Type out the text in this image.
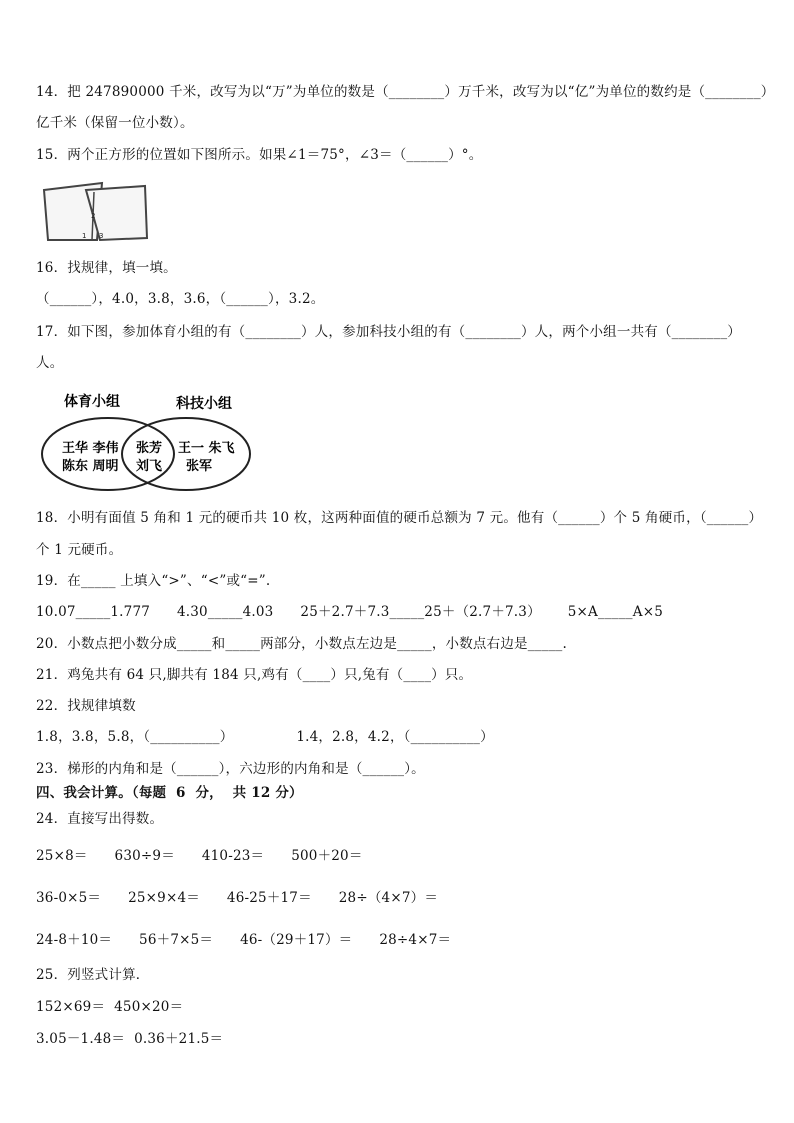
14．把 247890000 千米，改写为以“万”为单位的数是（________）万千米，改写为以“亿”为单位的数约是（________）
亿千米（保留一位小数）。
15．两个正方形的位置如下图所示。如果∠1＝75°，∠3＝（______）°。
1
2
3
16．找规律，填一填。
（______），4.0，3.8，3.6，（______），3.2。
17．如下图，参加体育小组的有（________）人，参加科技小组的有（________）人，两个小组一共有（________）
人。
体育小组	科技小组
王华 李伟
陈东 周明
张芳
刘飞
王一 朱飞
张军
18．小明有面值 5 角和 1 元的硬币共 10 枚，这两种面值的硬币总额为 7 元。他有（______）个 5 角硬币，（______）
个 1 元硬币。
19．在_____ 上填入“>”、“<”或“=”.
10.07_____1.777      4.30_____4.03      25＋2.7＋7.3_____25＋（2.7＋7.3）      5×A_____A×5
20．小数点把小数分成_____和_____两部分，小数点左边是_____，小数点右边是_____.
21．鸡兔共有 64 只,脚共有 184 只,鸡有（____）只,兔有（____）只。
22．找规律填数
1.8，3.8，5.8，（__________）              1.4，2.8，4.2，（__________）
23．梯形的内角和是（______），六边形的内角和是（______）。
四、我会计算。（每题  6  分，  共 12 分）
24．直接写出得数。
25×8＝      630÷9＝      410-23＝      500＋20＝
36-0×5＝      25×9×4＝      46-25＋17＝      28÷（4×7）＝
24-8＋10＝      56＋7×5＝      46-（29＋17）＝      28÷4×7＝
25．列竖式计算．
152×69＝  450×20＝
3.05－1.48＝  0.36＋21.5＝
